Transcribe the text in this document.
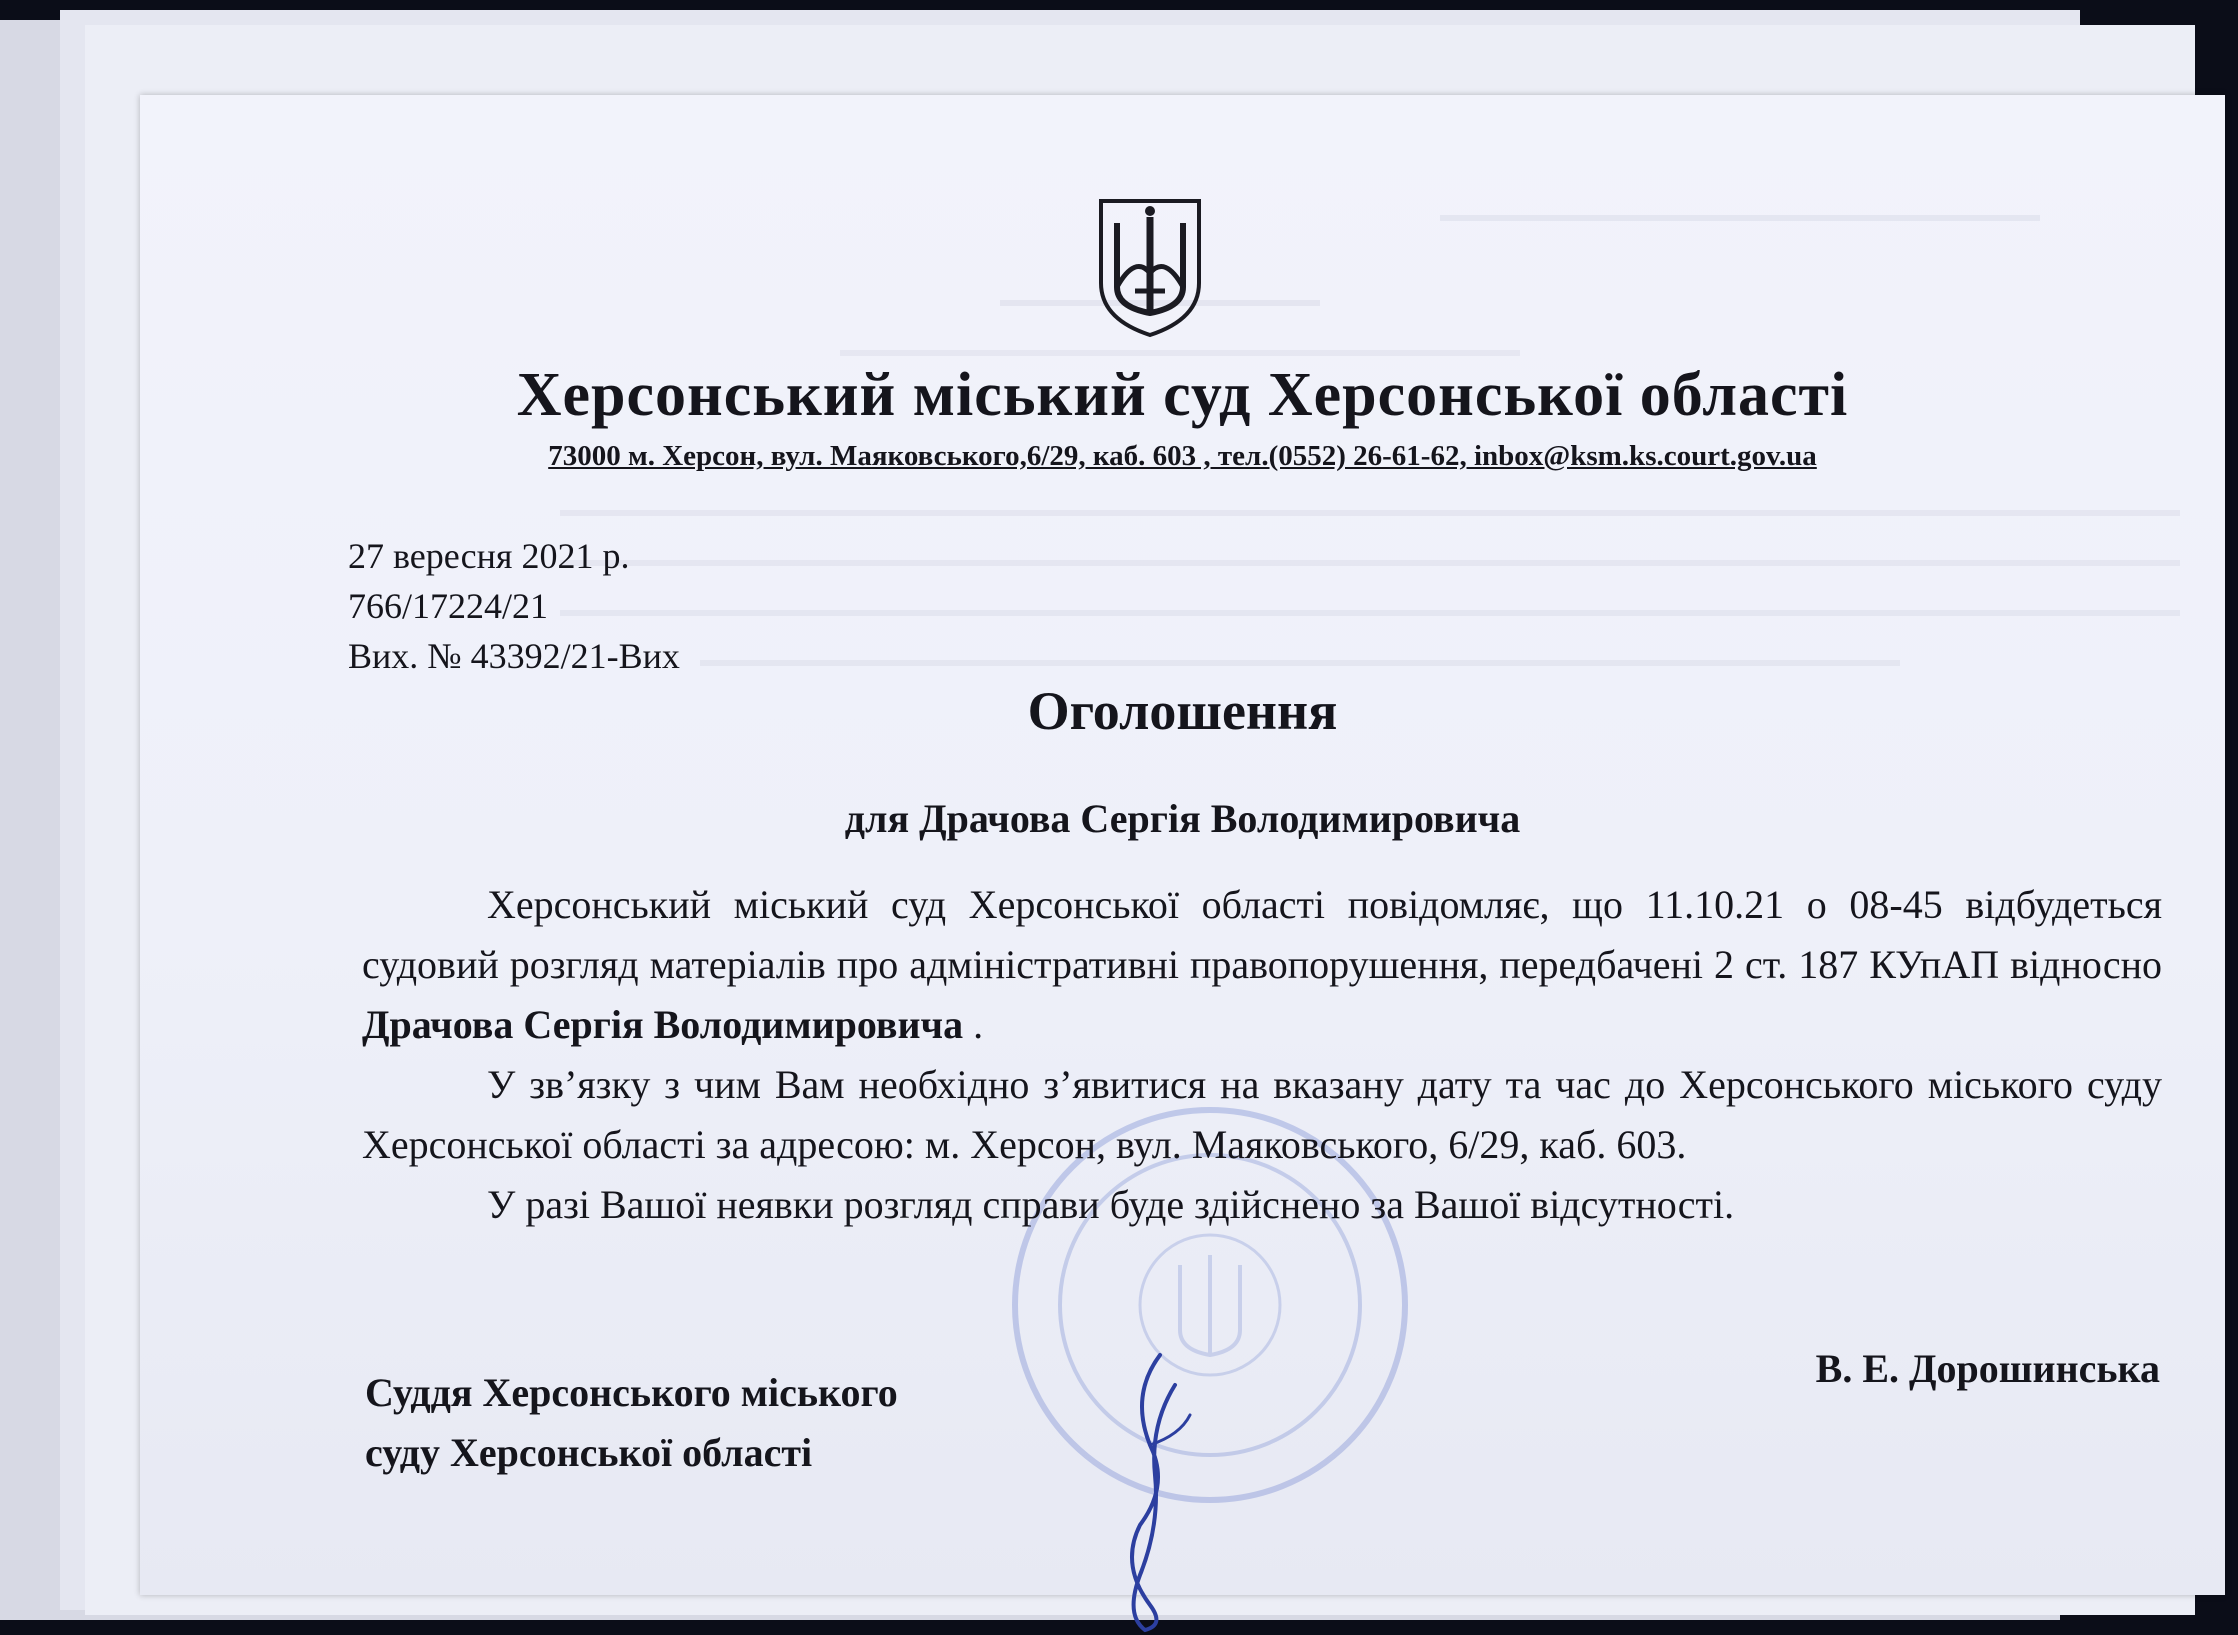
Херсонський міський суд Херсонської області
73000 м. Херсон, вул. Маяковського,6/29, каб. 603 , тел.(0552) 26-61-62, inbox@ksm.ks.court.gov.ua
27 вересня 2021 р.
766/17224/21
Вих. № 43392/21-Вих
Оголошення
для Драчова Сергія Володимировича

Херсонський міський суд Херсонської області повідомляє, що 11.10.21 о 08-45 відбудеться судовий розгляд матеріалів про адміністративні правопорушення, передбачені 2 ст. 187 КУпАП відносно Драчова Сергія Володимировича .

У зв’язку з чим Вам необхідно з’явитися на вказану дату та час до Херсонського міського суду Херсонської області за адресою: м. Херсон, вул. Маяковського, 6/29, каб. 603.

У разі Вашої неявки розгляд справи буде здійснено за Вашої відсутності.

Суддя Херсонського міського
суду Херсонської області
В. Е. Дорошинська
